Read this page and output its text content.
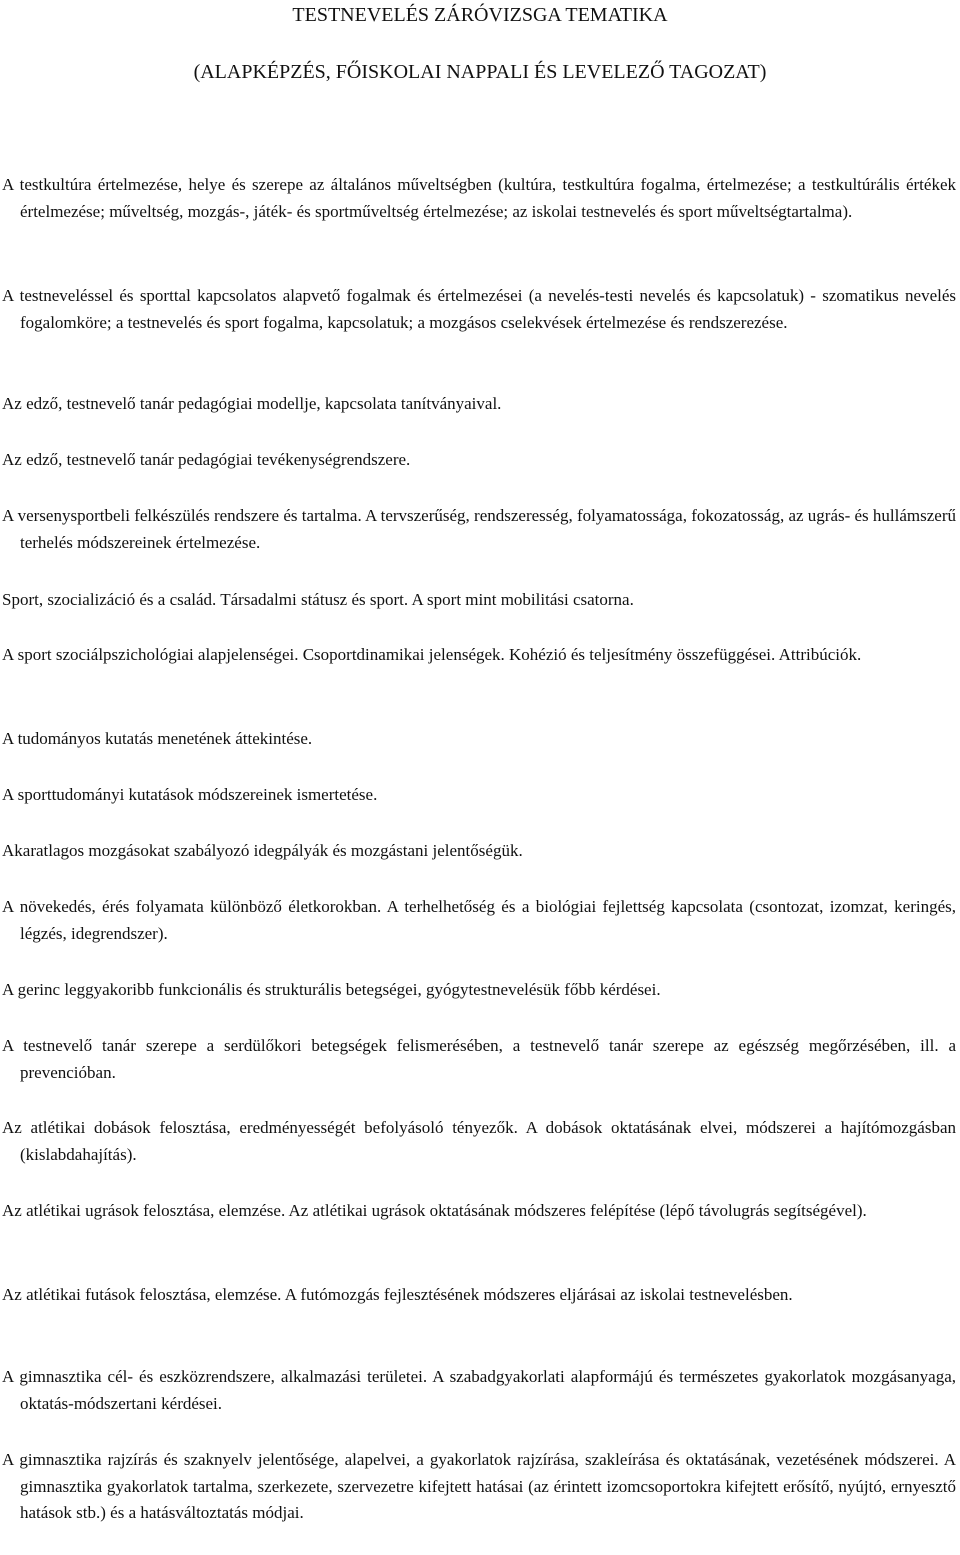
TESTNEVELÉS ZÁRÓVIZSGA TEMATIKA
(ALAPKÉPZÉS, FŐISKOLAI NAPPALI ÉS LEVELEZŐ TAGOZAT)

A testkultúra értelmezése, helye és szerepe az általános műveltségben (kultúra, testkultúra fogalma, értelmezése; a testkultúrális értékek értelmezése; műveltség, mozgás-, játék- és sportműveltség értelmezése; az iskolai testnevelés és sport műveltségtartalma).

A testneveléssel és sporttal kapcsolatos alapvető fogalmak és értelmezései (a nevelés-testi nevelés és kapcsolatuk) - szomatikus nevelés fogalomköre; a testnevelés és sport fogalma, kapcsolatuk; a mozgásos cselekvések értelmezése és rendszerezése.

Az edző, testnevelő tanár pedagógiai modellje, kapcsolata tanítványaival.

Az edző, testnevelő tanár pedagógiai tevékenységrendszere.

A versenysportbeli felkészülés rendszere és tartalma. A tervszerűség, rendszeresség, folyamatossága, fokozatosság, az ugrás- és hullámszerű terhelés módszereinek értelmezése.

Sport, szocializáció és a család. Társadalmi státusz és sport. A sport mint mobilitási csatorna.

A sport szociálpszichológiai alapjelenségei. Csoportdinamikai jelenségek. Kohézió és teljesítmény összefüggései. Attribúciók.

A tudományos kutatás menetének áttekintése.

A sporttudományi kutatások módszereinek ismertetése.

Akaratlagos mozgásokat szabályozó idegpályák és mozgástani jelentőségük.

A növekedés, érés folyamata különböző életkorokban. A terhelhetőség és a biológiai fejlettség kapcsolata (csontozat, izomzat, keringés, légzés, idegrendszer).

A gerinc leggyakoribb funkcionális és strukturális betegségei, gyógytestnevelésük főbb kérdései.

A testnevelő tanár szerepe a serdülőkori betegségek felismerésében, a testnevelő tanár szerepe az egészség megőrzésében, ill. a prevencióban.

Az atlétikai dobások felosztása, eredményességét befolyásoló tényezők. A dobások oktatásának elvei, módszerei a hajítómozgásban (kislabdahajítás).

Az atlétikai ugrások felosztása, elemzése. Az atlétikai ugrások oktatásának módszeres felépítése (lépő távolugrás segítségével).

Az atlétikai futások felosztása, elemzése. A futómozgás fejlesztésének módszeres eljárásai az iskolai testnevelésben.

A gimnasztika cél- és eszközrendszere, alkalmazási területei. A szabadgyakorlati alapformájú és természetes gyakorlatok mozgásanyaga, oktatás-módszertani kérdései.

A gimnasztika rajzírás és szaknyelv jelentősége, alapelvei, a gyakorlatok rajzírása, szakleírása és oktatásának, vezetésének módszerei. A gimnasztika gyakorlatok tartalma, szerkezete, szervezetre kifejtett hatásai (az érintett izomcsoportokra kifejtett erősítő, nyújtó, ernyesztő hatások stb.) és a hatásváltoztatás módjai.
